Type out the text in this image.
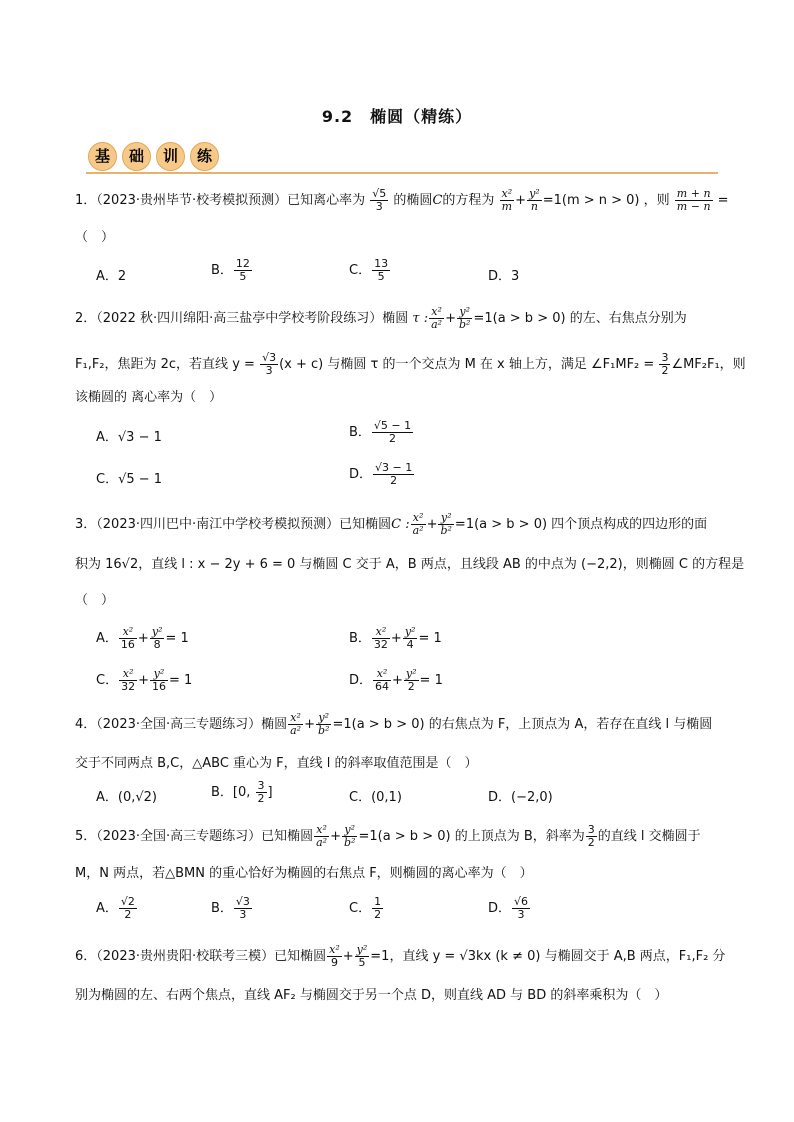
9.2　椭圆（精练）
基 础 训 练
1．（2023·贵州毕节·校考模拟预测）已知离心率为 $\frac{√5}{3}$ 的椭圆C的方程为 $\frac{\text{x²}}{m} + \frac{\text{y²}}{n} =1(m > n > 0)$ ，则 $\frac{m + n}{m - n}$ =
（　）
A．2	B． $\frac{12}{5}$	C． $\frac{13}{5}$	D．3
2．（2022 秋·四川绵阳·高三盐亭中学校考阶段练习）椭圆 τ : $\frac{\text{x²}}{\text{a²}} + \frac{\text{y²}}{\text{b²}} =1(a > b > 0)$ 的左、右焦点分别为
F₁,F₂，焦距为 2c，若直线 $y = \frac{√3}{3} (x + c)$ 与椭圆 τ 的一个交点为 M 在 x 轴上方，满足 ∠F₁MF₂ = $\frac{3}{2}$ ∠MF₂F₁，则
该椭圆的 离心率为（　）
A．√3 − 1	B． $\frac{√5 - 1}{2}$
C．√5 − 1	D． $\frac{√3 - 1}{2}$
3．（2023·四川巴中·南江中学校考模拟预测）已知椭圆C : $\frac{\text{x²}}{\text{a²}} + \frac{\text{y²}}{\text{b²}} =1(a > b > 0)$ 四个顶点构成的四边形的面
积为 16√2，直线 l : x − 2y + 6 = 0 与椭圆 C 交于 A，B 两点，且线段 AB 的中点为 (−2,2)，则椭圆 C 的方程是
（　）
A． $\frac{\text{x²}}{16} + \frac{\text{y²}}{8} = 1$	B． $\frac{\text{x²}}{32} + \frac{\text{y²}}{4} = 1$
C． $\frac{\text{x²}}{32} + \frac{\text{y²}}{16} = 1$	D． $\frac{\text{x²}}{64} + \frac{\text{y²}}{2} = 1$
4．（2023·全国·高三专题练习）椭圆 $\frac{\text{x²}}{\text{a²}} + \frac{\text{y²}}{\text{b²}} =1(a > b > 0)$ 的右焦点为 F，上顶点为 A，若存在直线 l 与椭圆
交于不同两点 B,C，△ABC 重心为 F，直线 l 的斜率取值范围是（　）
A．(0,√2)	B．[0, $\frac{3}{2}$ ]	C．(0,1)	D．(−2,0)
5．（2023·全国·高三专题练习）已知椭圆 $\frac{\text{x²}}{\text{a²}} + \frac{\text{y²}}{\text{b²}} =1(a > b > 0)$ 的上顶点为 B，斜率为 $\frac{3}{2}$ 的直线 l 交椭圆于
M，N 两点，若△BMN 的重心恰好为椭圆的右焦点 F，则椭圆的离心率为（　）
A． $\frac{√2}{2}$	B． $\frac{√3}{3}$	C． $\frac{1}{2}$	D． $\frac{√6}{3}$
6．（2023·贵州贵阳·校联考三模）已知椭圆 $\frac{\text{x²}}{9} + \frac{\text{y²}}{5} =1$，直线 y = √3kx (k ≠ 0) 与椭圆交于 A,B 两点，F₁,F₂ 分
别为椭圆的左、右两个焦点，直线 AF₂ 与椭圆交于另一个点 D，则直线 AD 与 BD 的斜率乘积为（　）
